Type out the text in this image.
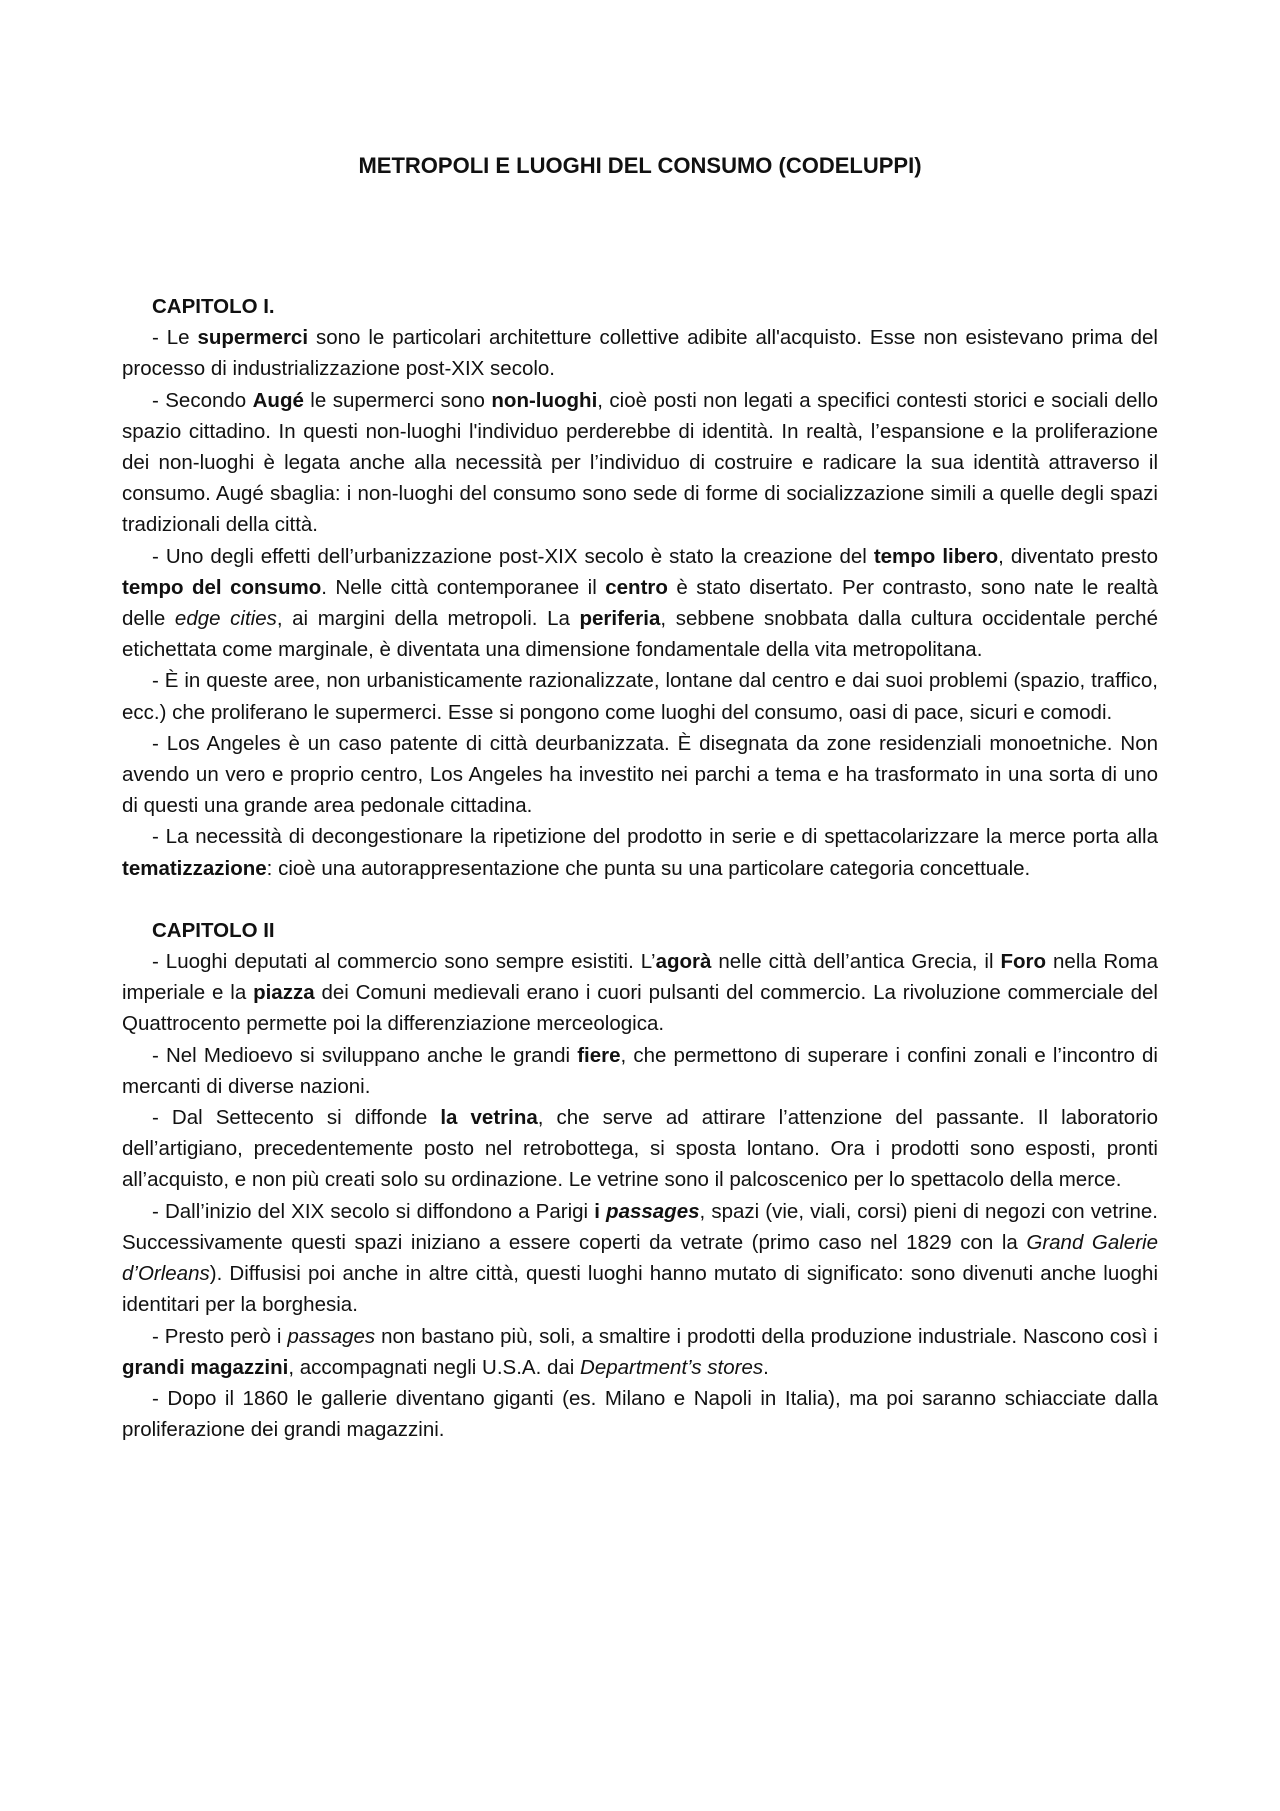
METROPOLI E LUOGHI DEL CONSUMO (CODELUPPI)

CAPITOLO I.

- Le supermerci sono le particolari architetture collettive adibite all'acquisto. Esse non esistevano prima del processo di industrializzazione post-XIX secolo.

- Secondo Augé le supermerci sono non-luoghi, cioè posti non legati a specifici contesti storici e sociali dello spazio cittadino. In questi non-luoghi l'individuo perderebbe di identità. In realtà, l’espansione e la proliferazione dei non-luoghi è legata anche alla necessità per l’individuo di costruire e radicare la sua identità attraverso il consumo. Augé sbaglia: i non-luoghi del consumo sono sede di forme di socializzazione simili a quelle degli spazi tradizionali della città.

- Uno degli effetti dell’urbanizzazione post-XIX secolo è stato la creazione del tempo libero, diventato presto tempo del consumo. Nelle città contemporanee il centro è stato disertato. Per contrasto, sono nate le realtà delle edge cities, ai margini della metropoli. La periferia, sebbene snobbata dalla cultura occidentale perché etichettata come marginale, è diventata una dimensione fondamentale della vita metropolitana.

- È in queste aree, non urbanisticamente razionalizzate, lontane dal centro e dai suoi problemi (spazio, traffico, ecc.) che proliferano le supermerci. Esse si pongono come luoghi del consumo, oasi di pace, sicuri e comodi.

- Los Angeles è un caso patente di città deurbanizzata. È disegnata da zone residenziali monoetniche. Non avendo un vero e proprio centro, Los Angeles ha investito nei parchi a tema e ha trasformato in una sorta di uno di questi una grande area pedonale cittadina.

- La necessità di decongestionare la ripetizione del prodotto in serie e di spettacolarizzare la merce porta alla tematizzazione: cioè una autorappresentazione che punta su una particolare categoria concettuale.

CAPITOLO II

- Luoghi deputati al commercio sono sempre esistiti. L’agorà nelle città dell’antica Grecia, il Foro nella Roma imperiale e la piazza dei Comuni medievali erano i cuori pulsanti del commercio. La rivoluzione commerciale del Quattrocento permette poi la differenziazione merceologica.

- Nel Medioevo si sviluppano anche le grandi fiere, che permettono di superare i confini zonali e l’incontro di mercanti di diverse nazioni.

- Dal Settecento si diffonde la vetrina, che serve ad attirare l’attenzione del passante. Il laboratorio dell’artigiano, precedentemente posto nel retrobottega, si sposta lontano. Ora i prodotti sono esposti, pronti all’acquisto, e non più creati solo su ordinazione. Le vetrine sono il palcoscenico per lo spettacolo della merce.

- Dall’inizio del XIX secolo si diffondono a Parigi i passages, spazi (vie, viali, corsi) pieni di negozi con vetrine. Successivamente questi spazi iniziano a essere coperti da vetrate (primo caso nel 1829 con la Grand Galerie d’Orleans). Diffusisi poi anche in altre città, questi luoghi hanno mutato di significato: sono divenuti anche luoghi identitari per la borghesia.

- Presto però i passages non bastano più, soli, a smaltire i prodotti della produzione industriale. Nascono così i grandi magazzini, accompagnati negli U.S.A. dai Department’s stores.

- Dopo il 1860 le gallerie diventano giganti (es. Milano e Napoli in Italia), ma poi saranno schiacciate dalla proliferazione dei grandi magazzini.
